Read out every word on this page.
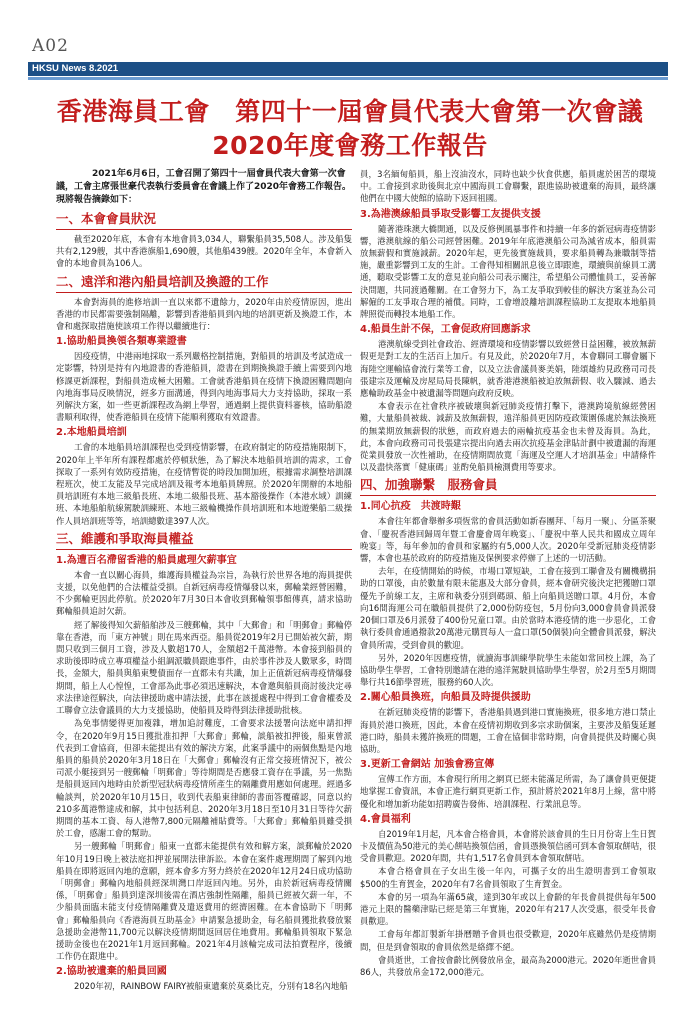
A02
HKSU News 8.2021
香港海員工會　第四十一屆會員代表大會第一次會議
2020年度會務工作報告

2021年6月6日，工會召開了第四十一屆會員代表大會第一次會議，工會主席張世豪代表執行委員會在會議上作了2020年會務工作報告。現將報告摘錄如下：

一、本會會員狀況

截至2020年底，本會有本地會員3,034人，聯繫船員35,508人。涉及船隻共有2,129艘，其中香港旗船1,690艘，其他船439艘。2020年全年，本會新入會的本地會員為106人。

二、遠洋和港內船員培訓及換證的工作

本會對海員的進修培訓一直以來都不遺餘力，2020年由於疫情原因，進出香港的市民都需要強制隔離，影響到香港船員到內地的培訓更新及換證工作，本會和處探取措施使該項工作得以繼續進行：

1.協助船員換領各類專業證書

因疫疫情，中港兩地採取一系列嚴格控制措施，對船員的培訓及考試造成一定影響，特別是持有內地證書的香港船員，證書在到期換換證手續上需要到內地修課更新課程，對船員造成極大困難。工會就香港船員在疫情下換證困難問題向內地海事局反映情況，經多方面溝通，得到內地海事局大力支持協助，採取一系列解決方案，如一些更新課程改為網上學習，通過網上提供資料審核，協助船證書順利取得，使香港船員在疫情下能順利獲取有效證書。

2.本地船員培訓

工會的本地船員培訓課程也受到疫情影響，在政府制定的防疫措施限制下，2020年上半年所有課程都處於停頓狀態，為了解決本地船員培訓的需求，工會探取了一系列有效防疫措施，在疫情暫從的時段加開加班，根據需求調整培訓課程班次，使工友能及早完成培訓及報考本地船員牌照。於2020年開辦的本地船員培訓班有本地三級船長班、本地二級船長班、基本豁後操作（本港水域）訓練班、本地船舶航線駕駛訓練班、本地三級輪機操作員培訓班和本地遊樂船二級操作人員培訓班等等，培訓總數達397人次。

三、維護和爭取海員權益
1.為遭百名滯留香港的船員處理欠薪事宜

本會一直以關心海員，維護海員權益為宗旨，為執行於世界各地的海員提供支援，以免他們的合法權益受損。自新冠病毒疫情爆發以來，郵輪業經營困難，不少郵輪更因此停航。於2020年7月30日本會收到郵輪領事館傳真，請求協助郵輪船員追討欠薪。

經了解後得知欠薪船舶涉及三艘郵輪，其中「大郵會」和「明郵會」郵輪停靠在香港，而「東方神號」則在馬來西亞。船員從2019年2月已開始被欠薪，期間只收到三個月工資，涉及人數超170人，金額超2千萬港幣。本會接到船員的求助後即時成立專項權益小組調派職員跟進事件，由於事件涉及人數眾多，時間長，金額大，船員與船東雙債面存一直都未有共識，加上正值新冠病毒疫情爆發期間，船上人心惶惶，工會部為此事必須迅速解決，本會邀與船員商討後決定尋求法律途徑解決，向法律援助處申請法援，此事在該援處程中得到工會會權委及工聯會立法會議員的大力支援協助，使船員及時得到法律援助批核。

為免事情變得更加複雜，增加追討難度，工會要求法援署向法庭申請扣押令，在2020年9月15日獲批准扣押「大郵會」郵輪，談船被扣押後，船東曾派代表到工會協商，但卻未能提出有效的解決方案，此案爭議中的兩個焦點是內地船員的船員於2020年3月18日在「大郵會」郵輪沒有正常交接班情況下，被公司派小艇接到另一艘郵輪「明郵會」等待期間是否應發工資存在爭議，另一焦點是船員返回內地時由於新型冠狀病毒疫情所產生的隔離費用應如何處理。經過多輪談判，於2020年10月15日，收到代表船東律師的書面答覆確認，同意以約210多萬港幣達成和解，其中包括利息、2020年3月18日至10月31日等待欠薪期間的基本工資、每人港幣7,800元隔離補貼費等。「大郵會」郵輪船員雖受損於工會，感謝工會的幫助。

另一艘郵輪「明郵會」船東一直都未能提供有效和解方案，談郵輪於2020年10月19日晚上被法庭扣押並展開法律訴訟。本會在案件處理期間了解到內地船員在即將返回內地的意願，經本會多方努力終於在2020年12月24日成功協助「明郵會」郵輪內地船員經深圳灣口岸返回內地。另外，由於新冠病毒疫情關係，「明郵會」船員到達深圳後需在酒店強制性隔離，船員已經被欠薪一年，不少船員面臨未能支付疫情隔離費及遣返費用的經濟困難。在本會協助下「明郵會」郵輪船員向《香港海員互助基金》申請緊急援助金，每名船員獲批救發放緊急援助金港幣11,700元以解決疫情期間返回居住地費用。郵輪船員領取下緊急援助金後也在2021年1月返回郵輪。2021年4月該輪完成司法拍賣程序，後續工作仍在跟進中。

2.協助被遺棄的船員回國

2020年初，RAINBOW FAIRY被船東遺棄於莫桑比克，分別有18名內地船

員，3名緬甸船員，船上沒油沒水，同時也缺少伙食供應，船員處於困苦的環境中。工會接到求助後與北京中國海員工會聯繫，跟進協助被遺棄的海員，最終讓他們在中國大使館的協助下返回祖國。

3.為港澳線船員爭取受影響工友提供支援

隨著港珠澳大橋開通，以及反修例風暴事件和持續一年多的新冠病毒疫情影響，港澳航線的船公司經營困難。2019年年底港澳船公司為減省成本，船員需放無薪假和實施減薪。2020年起，更先後實施裁員，要求船員轉為兼職制等措施，嚴重影響到工友的生計。工會得知相關訊息後立即跟進，環續與前線員工溝通，聽取受影響工友的意見並向船公司表示關注，希望船公司體恤員工，妥善解決問題，共同渡過難關。在工會努力下，為工友爭取到較佳的解決方案並為公司解僱的工友爭取合理的補償。同時，工會增設離培訓課程協助工友提取本地船員牌照從而轉投本地船工作。

4.船員生計不保，工會促政府回應訴求

港澳航線受到社會政治、經濟環境和疫情影響以致經營日益困難，被放無薪假更是對工友的生活百上加斤。有見及此，於2020年7月，本會聯同工聯會屬下海陸空運輸協會流行業等工會，以及立法會議員麥美娟，陸頌雄約見政務司司長張建宗及運輸及房屋局局長陳帆，就香港港澳船被迫放無薪假、收入驟減、過去應輪助政基金中被遺漏等問題向政府反映。

本會表示在社會秩序被破壞與新冠肺炎疫情打擊下，港澳跨境航線經營困難，大量船員被裁、減薪及放無薪假，遠洋船員更因防疫政策圍係處於無法換班的無業期放無薪假的狀態，而政府過去的兩輪抗疫基金也未曾及海員。為此，此，本會向政務司司長張建宗提出向過去兩次抗疫基金津貼計劃中被遺漏的海運從業員發放一次性補助，在疫情期間放寬「海運及空運人才培訓基金」申請條件以及盡快落實「健康碼」並酌免船員檢測費用等要求。

四、加強聯繫　服務會員
1.同心抗疫　共渡時艱

本會往年都會舉辦多項恆常的會員活動如新春團拜、「每月一聚」、分區茶聚會、「慶祝香港回歸周年暨工會慶會周年晚宴」、「慶祝中華人民共和國成立周年晚宴」等，每年參加的會員和家屬約有5,000人次。2020年受新冠肺炎疫情影響，本會也基於政府的防疫措施及保例要求停辦了上述的一切活動。

去年，在疫情開始的時候，市場口罩短缺，工會在接到工聯會及有關機構捐助的口罩後，由於數量有限未能惠及大部分會員，經本會研究後決定把獲贈口罩優先予前線工友，主席和執委分別到碼頭、船上向船員送贈口罩。4月份，本會向16間海運公司在職船員提供了2,000份防疫包，5月份向3,000會員會員派發20個口罩及6月派發了400份兄童口罩。由於當時本港疫情的進一步惡化，工會執行委員會通過撥款20萬港元購買每人一盒口罩(50個裝)向全體會員派發，解決會員所需，受到會員的歡迎。

另外，2020年因應疫情，就讀海事訓練學院學生未能如常回校上課，為了協助學生學習，工會特別邀請在港的遠洋駕駛員協助學生學習，於2月至5月期間舉行共16節學習班，服務約60人次。

2.關心船員換班，向船員及時提供援助

在新冠肺炎疫情的影響下，香港船員遇到港口實施換班，很多地方港口禁止海員於港口換班，因此，本會在疫情初期收到多宗求助個案，主要涉及船隻延遲港口時，船員未獲許換班的問題，工會在協個非常時期，向會員提供及時關心與協助。

3.更新工會網站 加強會務宣傳

宣傳工作方面，本會現行所用之網頁已經未能滿足所需，為了讓會員更便捷地掌握工會資訊，本會正進行網頁更新工作，預計將於2021年8月上線，當中將優化和增加新功能如招聘廣告發佈、培訓課程、行業訊息等。

4.會員福利

自2019年1月起，凡本會合格會員，本會將於該會員的生日月份寄上生日賀卡及價值為50港元的美心餅咭換領信函，會員憑換領信函可到本會領取餅咭，很受會員歡迎。2020年間，共有1,517名會員到本會領取餅咭。

本會合格會員在子女出生後一年內，可攜子女的出生證明書到工會領取$500的生育賀金，2020年有7名會員領取了生育賀金。

本會的另一項為年滿65歲，達到30年或以上會齡的年長會員提供每年500港元上限的醫藥津貼已經是第三年實施，2020年有217人次受惠，很受年長會員歡迎。

工會每年都訂製新年掛曆贈予會員也很受歡迎，2020年底雖然仍是疫情期間，但是到會領取的會員依然是絡繹不絕。

會員逝世，工會按會齡比例發放帛金，最高為2000港元。2020年逝世會員86人，共發放帛金172,000港元。
